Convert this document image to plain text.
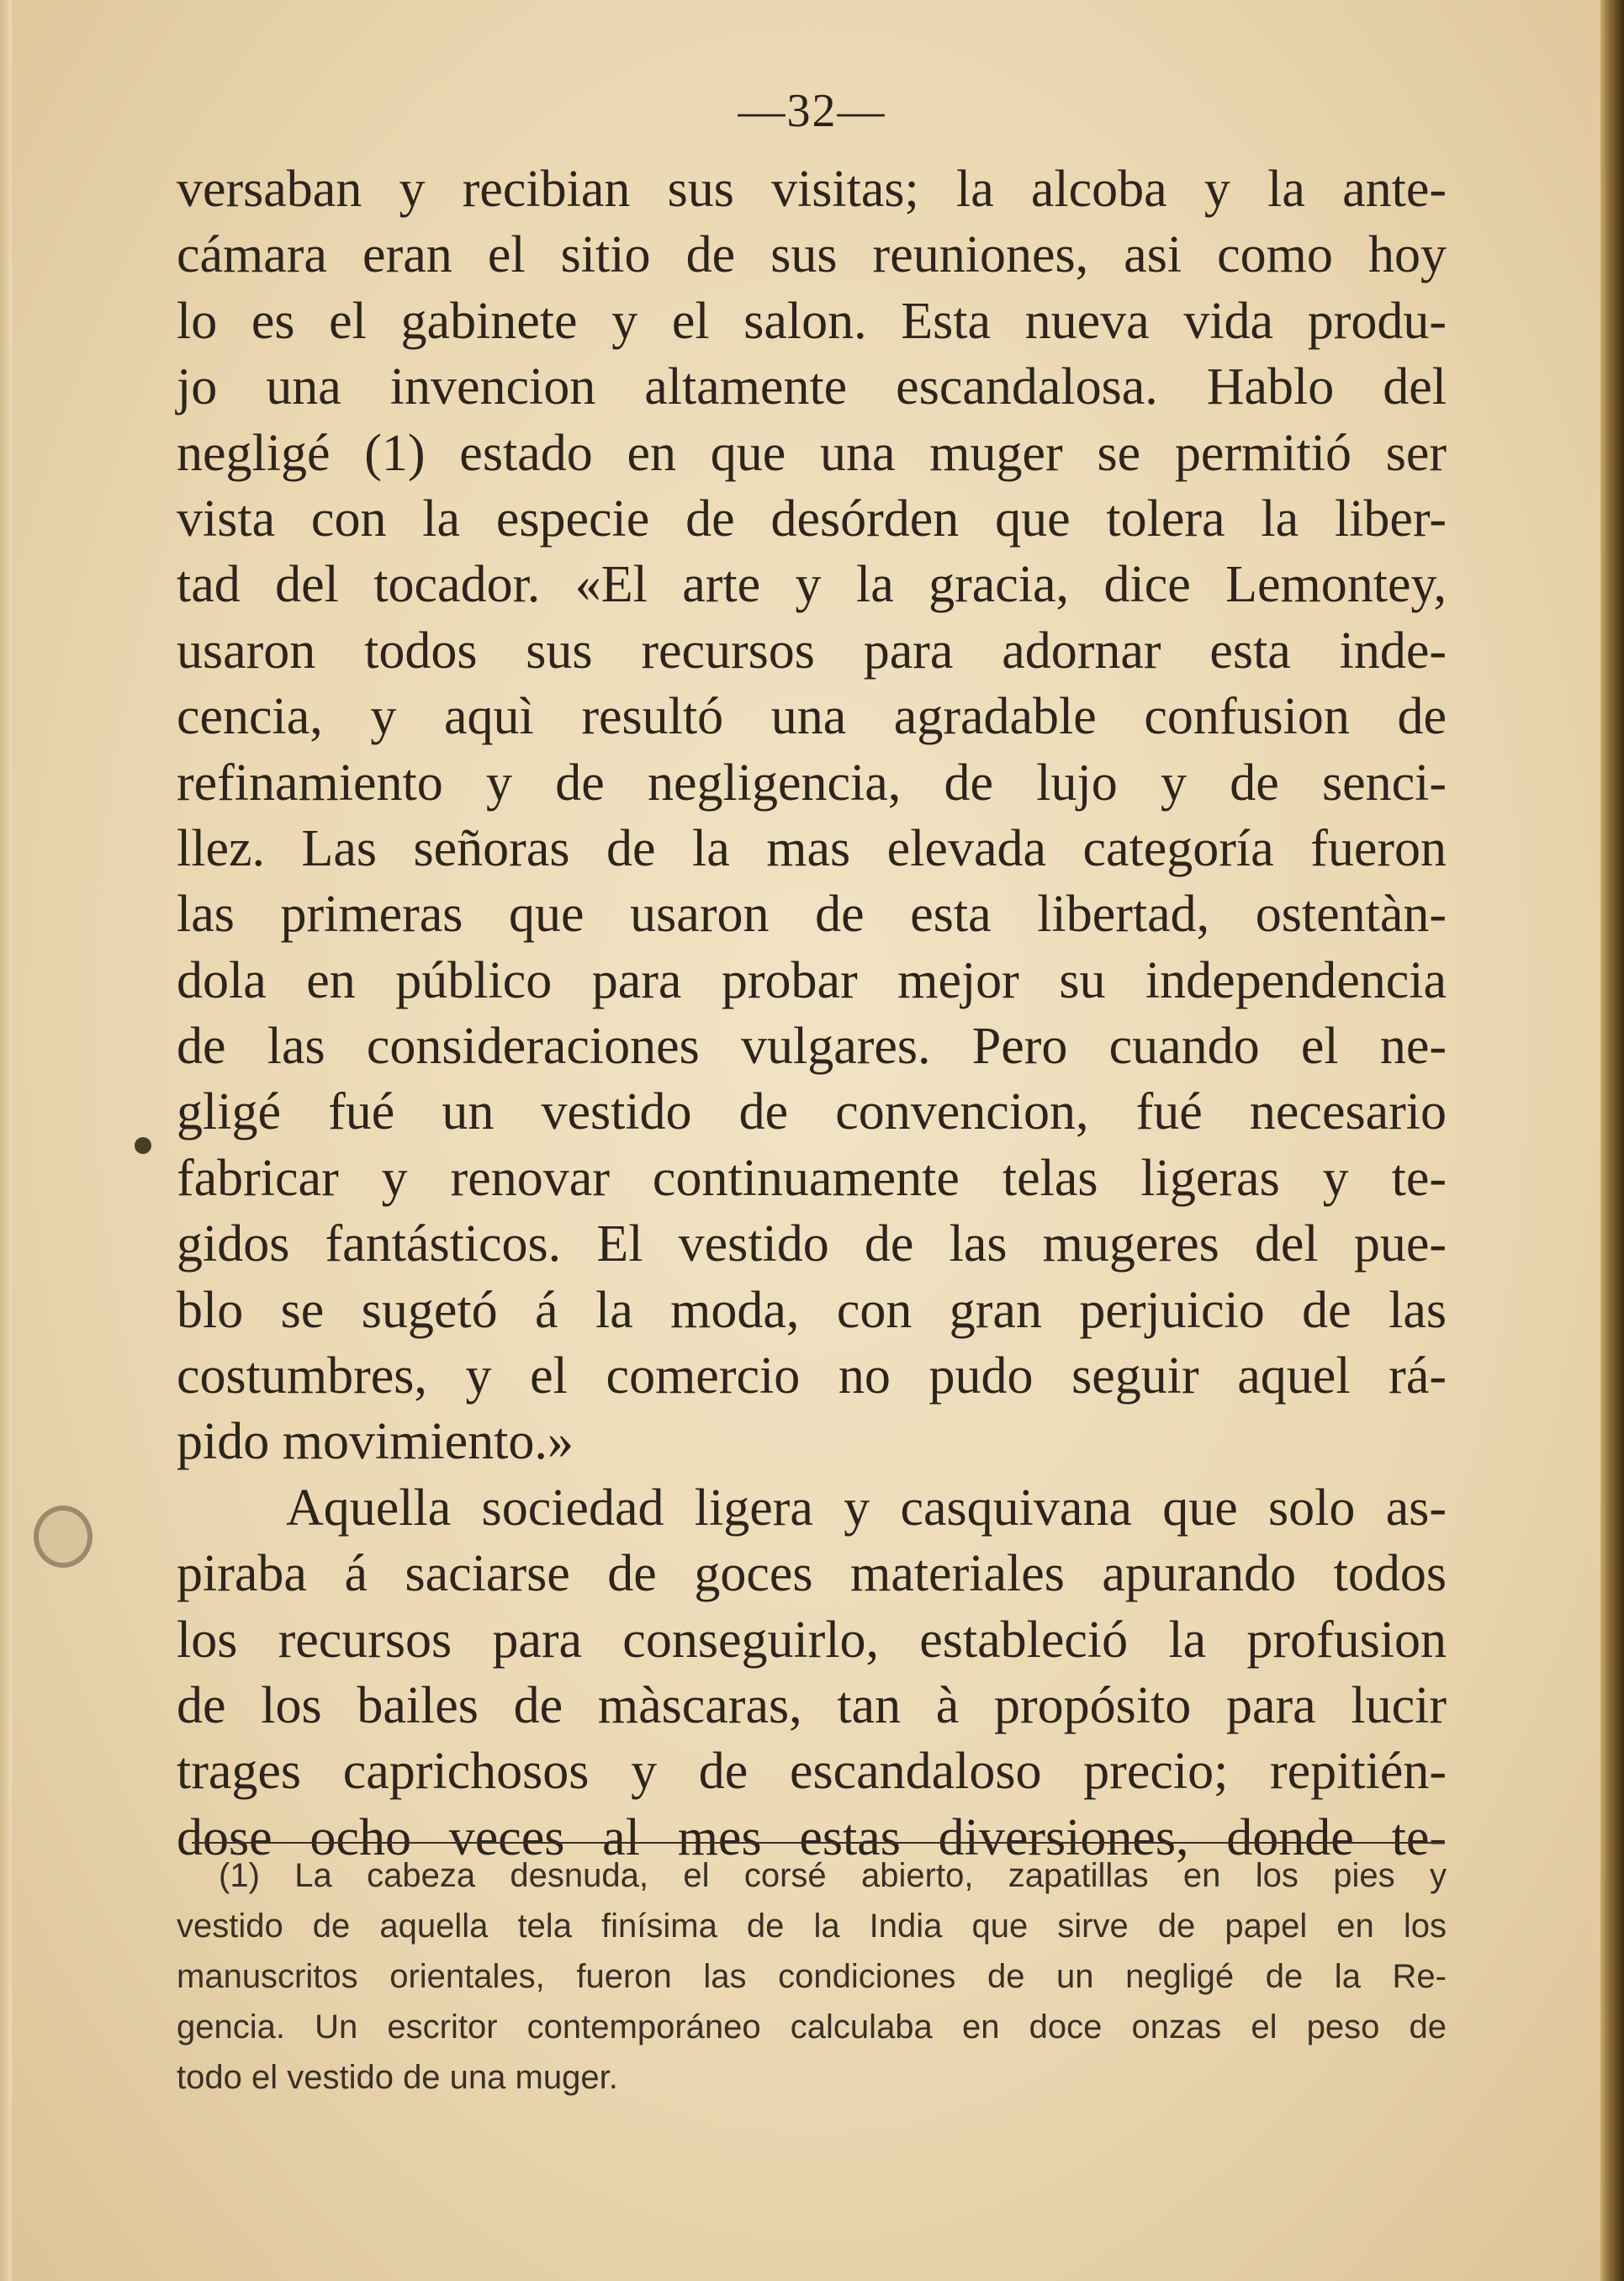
—32—
versaban y recibian sus visitas; la alcoba y la ante-
cámara eran el sitio de sus reuniones, asi como hoy
lo es el gabinete y el salon. Esta nueva vida produ-
jo una invencion altamente escandalosa. Hablo del
negligé (1) estado en que una muger se permitió ser
vista con la especie de desórden que tolera la liber-
tad del tocador. «El arte y la gracia, dice Lemontey,
usaron todos sus recursos para adornar esta inde-
cencia, y aquì resultó una agradable confusion de
refinamiento y de negligencia, de lujo y de senci-
llez. Las señoras de la mas elevada categoría fueron
las primeras que usaron de esta libertad, ostentàn-
dola en público para probar mejor su independencia
de las consideraciones vulgares. Pero cuando el ne-
gligé fué un vestido de convencion, fué necesario
fabricar y renovar continuamente telas ligeras y te-
gidos fantásticos. El vestido de las mugeres del pue-
blo se sugetó á la moda, con gran perjuicio de las
costumbres, y el comercio no pudo seguir aquel rá-
pido movimiento.»
Aquella sociedad ligera y casquivana que solo as-
piraba á saciarse de goces materiales apurando todos
los recursos para conseguirlo, estableció la profusion
de los bailes de màscaras, tan à propósito para lucir
trages caprichosos y de escandaloso precio; repitién-
dose ocho veces al mes estas diversiones, donde te-
(1) La cabeza desnuda, el corsé abierto, zapatillas en los pies y
vestido de aquella tela finísima de la India que sirve de papel en los
manuscritos orientales, fueron las condiciones de un negligé de la Re-
gencia. Un escritor contemporáneo calculaba en doce onzas el peso de
todo el vestido de una muger.
